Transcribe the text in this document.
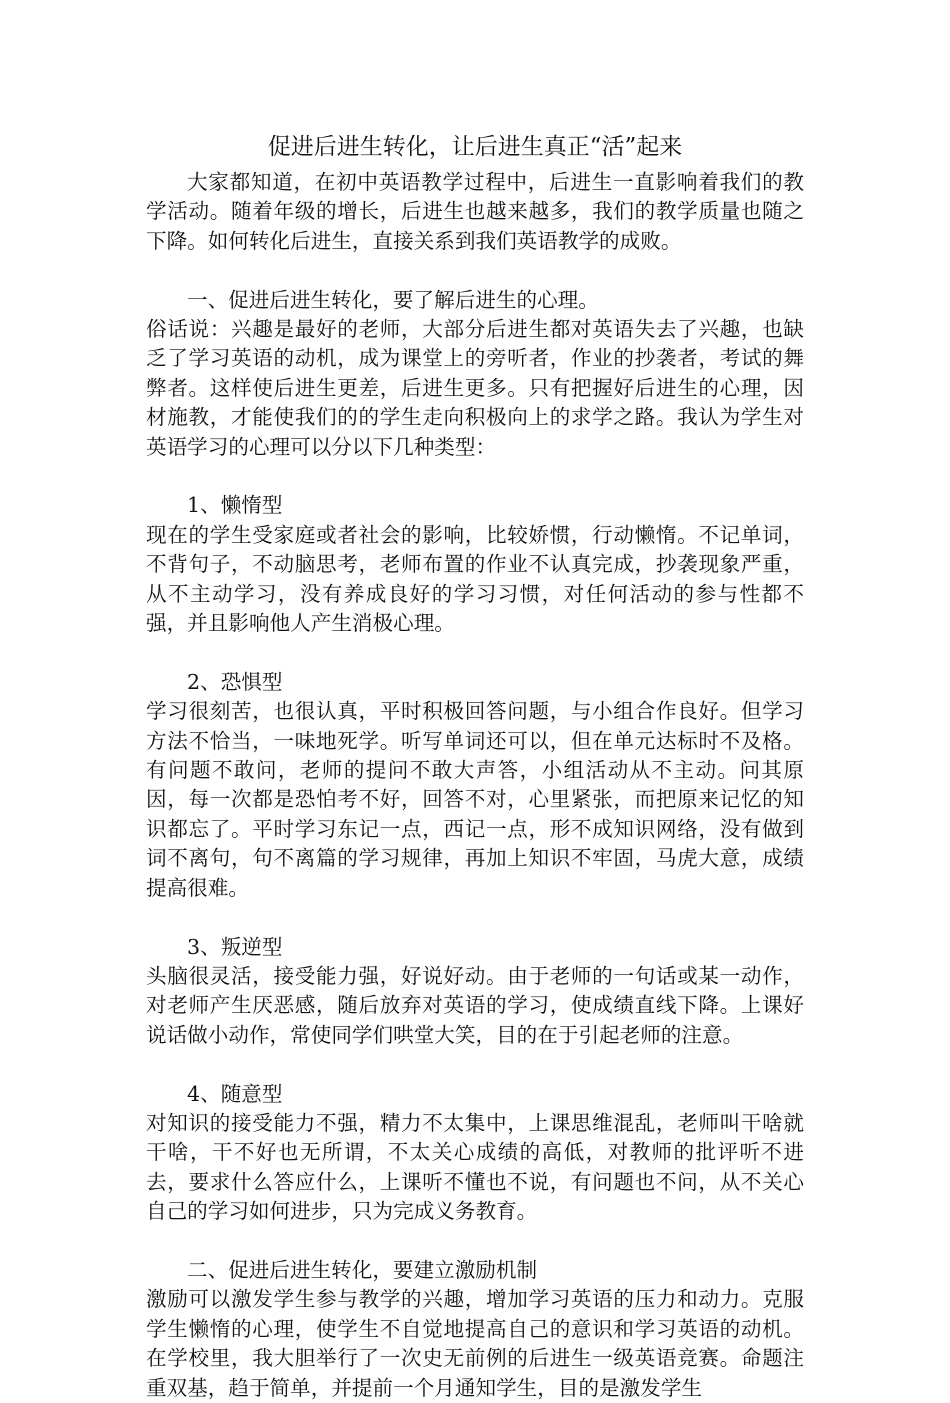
促进后进生转化，让后进生真正“活”起来

大家都知道，在初中英语教学过程中，后进生一直影响着我们的教学活动。随着年级的增长，后进生也越来越多，我们的教学质量也随之下降。如何转化后进生，直接关系到我们英语教学的成败。

一、促进后进生转化，要了解后进生的心理。

俗话说：兴趣是最好的老师，大部分后进生都对英语失去了兴趣，也缺乏了学习英语的动机，成为课堂上的旁听者，作业的抄袭者，考试的舞弊者。这样使后进生更差，后进生更多。只有把握好后进生的心理，因材施教，才能使我们的的学生走向积极向上的求学之路。我认为学生对英语学习的心理可以分以下几种类型：

1、懒惰型

现在的学生受家庭或者社会的影响，比较娇惯，行动懒惰。不记单词，不背句子，不动脑思考，老师布置的作业不认真完成，抄袭现象严重，从不主动学习，没有养成良好的学习习惯，对任何活动的参与性都不强，并且影响他人产生消极心理。

2、恐惧型

学习很刻苦，也很认真，平时积极回答问题，与小组合作良好。但学习方法不恰当，一味地死学。听写单词还可以，但在单元达标时不及格。有问题不敢问，老师的提问不敢大声答，小组活动从不主动。问其原因，每一次都是恐怕考不好，回答不对，心里紧张，而把原来记忆的知识都忘了。平时学习东记一点，西记一点，形不成知识网络，没有做到词不离句，句不离篇的学习规律，再加上知识不牢固，马虎大意，成绩提高很难。

3、叛逆型

头脑很灵活，接受能力强，好说好动。由于老师的一句话或某一动作，对老师产生厌恶感，随后放弃对英语的学习，使成绩直线下降。上课好说话做小动作，常使同学们哄堂大笑，目的在于引起老师的注意。

4、随意型

对知识的接受能力不强，精力不太集中，上课思维混乱，老师叫干啥就干啥，干不好也无所谓，不太关心成绩的高低，对教师的批评听不进去，要求什么答应什么，上课听不懂也不说，有问题也不问，从不关心自己的学习如何进步，只为完成义务教育。

二、促进后进生转化，要建立激励机制

激励可以激发学生参与教学的兴趣，增加学习英语的压力和动力。克服学生懒惰的心理，使学生不自觉地提高自己的意识和学习英语的动机。在学校里，我大胆举行了一次史无前例的后进生一级英语竞赛。命题注重双基，趋于简单，并提前一个月通知学生，目的是激发学生
